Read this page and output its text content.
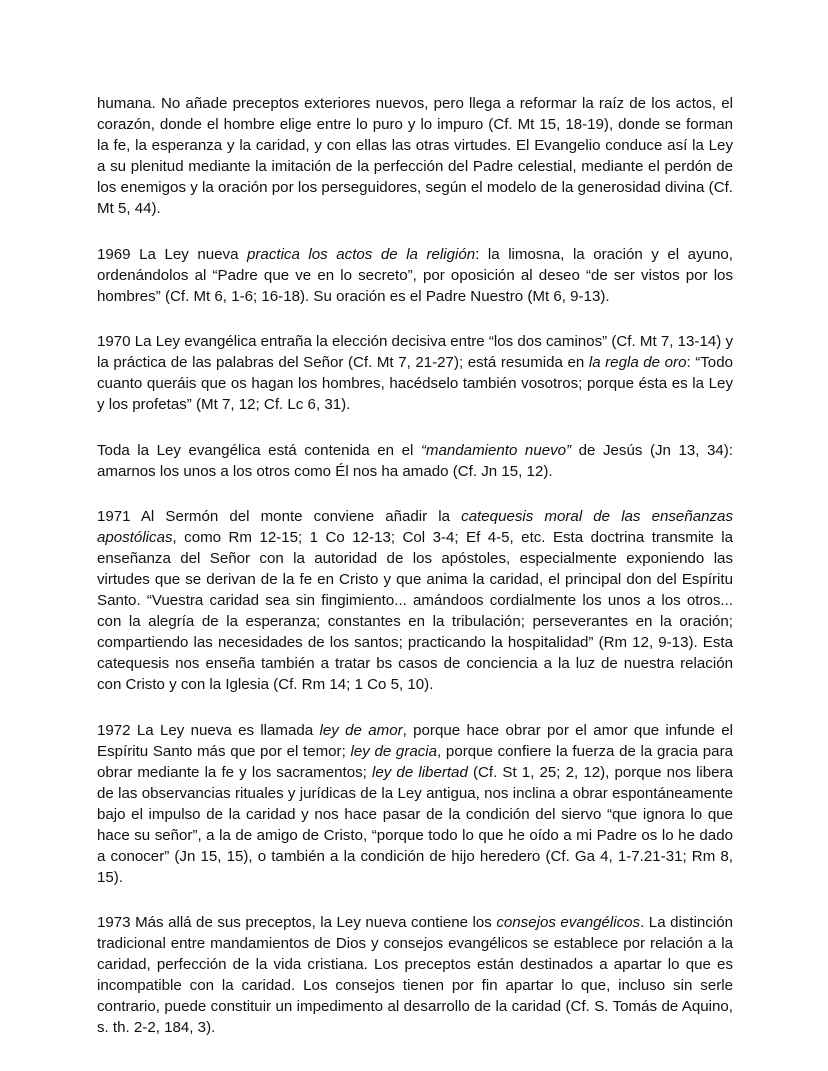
humana. No añade preceptos exteriores nuevos, pero llega a reformar la raíz de los actos, el corazón, donde el hombre elige entre lo puro y lo impuro (Cf. Mt 15, 18-19), donde se forman la fe, la esperanza y la caridad, y con ellas las otras virtudes. El Evangelio conduce así la Ley a su plenitud mediante la imitación de la perfección del Padre celestial, mediante el perdón de los enemigos y la oración por los perseguidores, según el modelo de la generosidad divina (Cf. Mt 5, 44).

1969 La Ley nueva practica los actos de la religión: la limosna, la oración y el ayuno, ordenándolos al “Padre que ve en lo secreto”, por oposición al deseo “de ser vistos por los hombres” (Cf. Mt 6, 1-6; 16-18). Su oración es el Padre Nuestro (Mt 6, 9-13).

1970 La Ley evangélica entraña la elección decisiva entre “los dos caminos” (Cf. Mt 7, 13-14) y la práctica de las palabras del Señor (Cf. Mt 7, 21-27); está resumida en la regla de oro: “Todo cuanto queráis que os hagan los hombres, hacédselo también vosotros; porque ésta es la Ley y los profetas” (Mt 7, 12; Cf. Lc 6, 31).

Toda la Ley evangélica está contenida en el “mandamiento nuevo” de Jesús (Jn 13, 34): amarnos los unos a los otros como Él nos ha amado (Cf. Jn 15, 12).

1971 Al Sermón del monte conviene añadir la catequesis moral de las enseñanzas apostólicas, como Rm 12-15; 1 Co 12-13; Col 3-4; Ef 4-5, etc. Esta doctrina transmite la enseñanza del Señor con la autoridad de los apóstoles, especialmente exponiendo las virtudes que se derivan de la fe en Cristo y que anima la caridad, el principal don del Espíritu Santo. “Vuestra caridad sea sin fingimiento... amándoos cordialmente los unos a los otros... con la alegría de la esperanza; constantes en la tribulación; perseverantes en la oración; compartiendo las necesidades de los santos; practicando la hospitalidad” (Rm 12, 9-13). Esta catequesis nos enseña también a tratar bs casos de conciencia a la luz de nuestra relación con Cristo y con la Iglesia (Cf. Rm 14; 1 Co 5, 10).

1972 La Ley nueva es llamada ley de amor, porque hace obrar por el amor que infunde el Espíritu Santo más que por el temor; ley de gracia, porque confiere la fuerza de la gracia para obrar mediante la fe y los sacramentos; ley de libertad (Cf. St 1, 25; 2, 12), porque nos libera de las observancias rituales y jurídicas de la Ley antigua, nos inclina a obrar espontáneamente bajo el impulso de la caridad y nos hace pasar de la condición del siervo “que ignora lo que hace su señor”, a la de amigo de Cristo, “porque todo lo que he oído a mi Padre os lo he dado a conocer” (Jn 15, 15), o también a la condición de hijo heredero (Cf. Ga 4, 1-7.21-31; Rm 8, 15).

1973 Más allá de sus preceptos, la Ley nueva contiene los consejos evangélicos. La distinción tradicional entre mandamientos de Dios y consejos evangélicos se establece por relación a la caridad, perfección de la vida cristiana. Los preceptos están destinados a apartar lo que es incompatible con la caridad. Los consejos tienen por fin apartar lo que, incluso sin serle contrario, puede constituir un impedimento al desarrollo de la caridad (Cf. S. Tomás de Aquino, s. th. 2-2, 184, 3).
